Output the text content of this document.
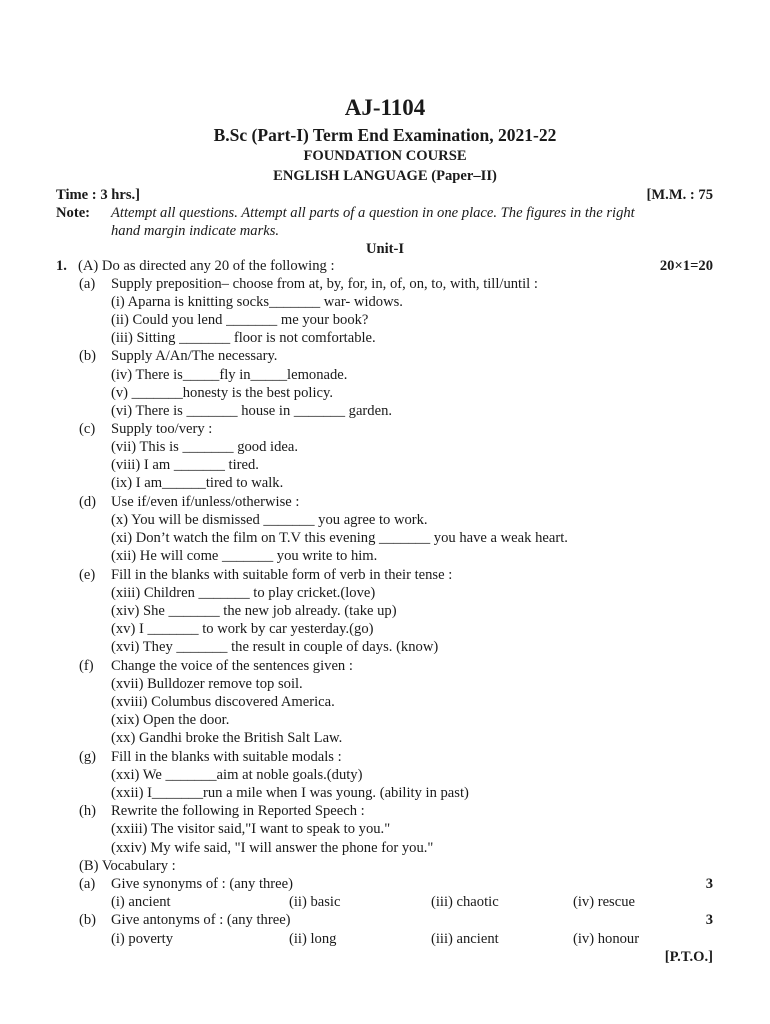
AJ-1104
B.Sc (Part-I) Term End Examination, 2021-22
FOUNDATION COURSE
ENGLISH LANGUAGE (Paper–II)
Time : 3 hrs.]	[M.M. : 75
Note: Attempt all questions. Attempt all parts of a question in one place. The figures in the right
hand margin indicate marks.
Unit-I
1. (A) Do as directed any 20 of the following :	20×1=20
(a) Supply preposition– choose from at, by, for, in, of, on, to, with, till/until :
(i) Aparna is knitting socks_______ war- widows.
(ii) Could you lend _______ me your book?
(iii) Sitting _______ floor is not comfortable.
(b) Supply A/An/The necessary.
(iv) There is_____fly in_____lemonade.
(v) _______honesty is the best policy.
(vi) There is _______ house in _______ garden.
(c) Supply too/very :
(vii) This is _______ good idea.
(viii) I am _______ tired.
(ix) I am______tired to walk.
(d) Use if/even if/unless/otherwise :
(x) You will be dismissed _______ you agree to work.
(xi) Don’t watch the film on T.V this evening _______ you have a weak heart.
(xii) He will come _______ you write to him.
(e) Fill in the blanks with suitable form of verb in their tense :
(xiii) Children _______ to play cricket.(love)
(xiv) She _______ the new job already. (take up)
(xv) I _______ to work by car yesterday.(go)
(xvi) They _______ the result in couple of days. (know)
(f) Change the voice of the sentences given :
(xvii) Bulldozer remove top soil.
(xviii) Columbus discovered America.
(xix) Open the door.
(xx) Gandhi broke the British Salt Law.
(g) Fill in the blanks with suitable modals :
(xxi) We _______aim at noble goals.(duty)
(xxii) I_______run a mile when I was young. (ability in past)
(h) Rewrite the following in Reported Speech :
(xxiii) The visitor said,"I want to speak to you."
(xxiv) My wife said, "I will answer the phone for you."
(B) Vocabulary :
(a) Give synonyms of : (any three)	3
(i) ancient	(ii) basic	(iii) chaotic	(iv) rescue
(b) Give antonyms of : (any three)	3
(i) poverty	(ii) long	(iii) ancient	(iv) honour
[P.T.O.]
